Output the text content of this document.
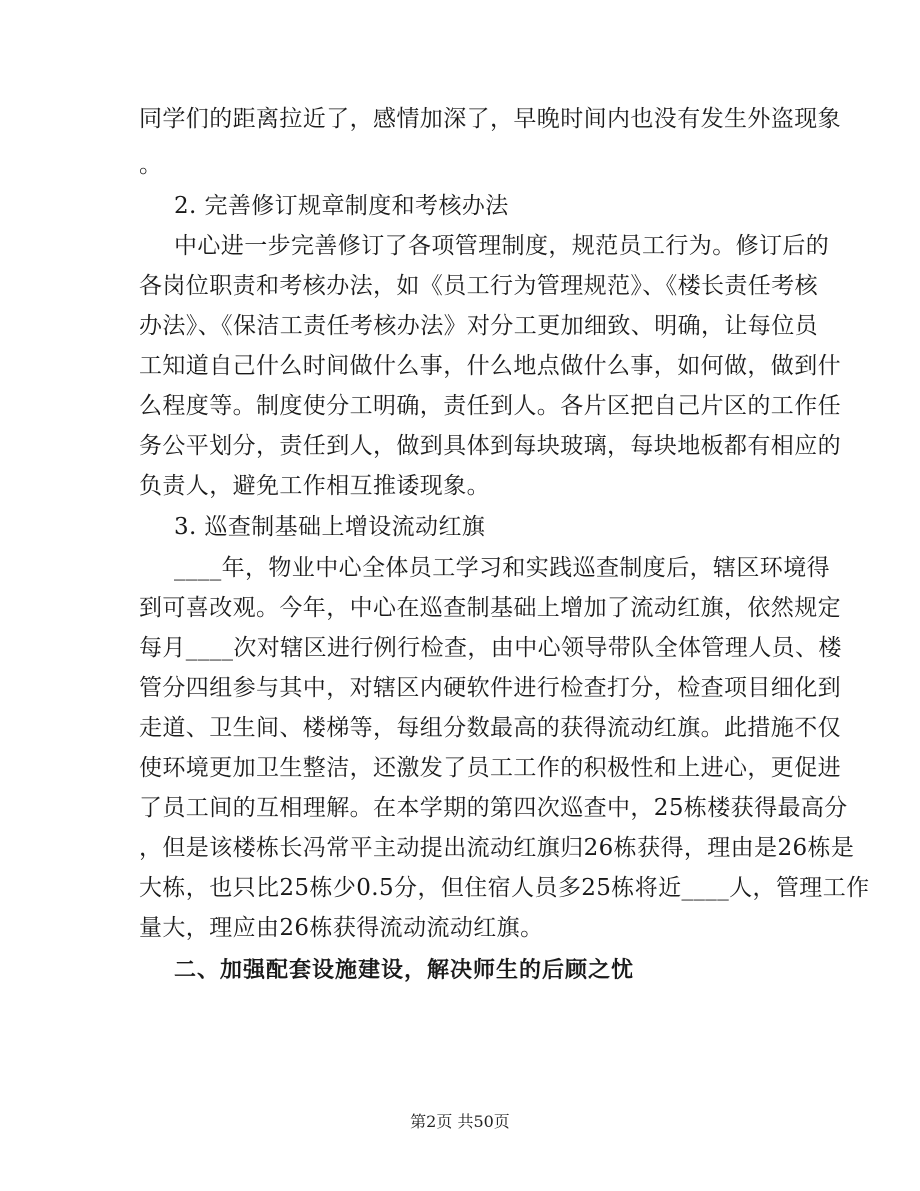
同学们的距离拉近了，感情加深了，早晚时间内也没有发生外盗现象
。
2. 完善修订规章制度和考核办法
中心进一步完善修订了各项管理制度，规范员工行为。修订后的
各岗位职责和考核办法，如《员工行为管理规范》、《楼长责任考核
办法》、《保洁工责任考核办法》对分工更加细致、明确，让每位员
工知道自己什么时间做什么事，什么地点做什么事，如何做，做到什
么程度等。制度使分工明确，责任到人。各片区把自己片区的工作任
务公平划分，责任到人，做到具体到每块玻璃，每块地板都有相应的
负责人，避免工作相互推诿现象。
3. 巡查制基础上增设流动红旗
____年，物业中心全体员工学习和实践巡查制度后，辖区环境得
到可喜改观。今年，中心在巡查制基础上增加了流动红旗，依然规定
每月____次对辖区进行例行检查，由中心领导带队全体管理人员、楼
管分四组参与其中，对辖区内硬软件进行检查打分，检查项目细化到
走道、卫生间、楼梯等，每组分数最高的获得流动红旗。此措施不仅
使环境更加卫生整洁，还激发了员工工作的积极性和上进心，更促进
了员工间的互相理解。在本学期的第四次巡查中，25栋楼获得最高分
，但是该楼栋长冯常平主动提出流动红旗归26栋获得，理由是26栋是
大栋，也只比25栋少0.5分，但住宿人员多25栋将近____人，管理工作
量大，理应由26栋获得流动流动红旗。
二、加强配套设施建设，解决师生的后顾之忧
第2页 共50页
